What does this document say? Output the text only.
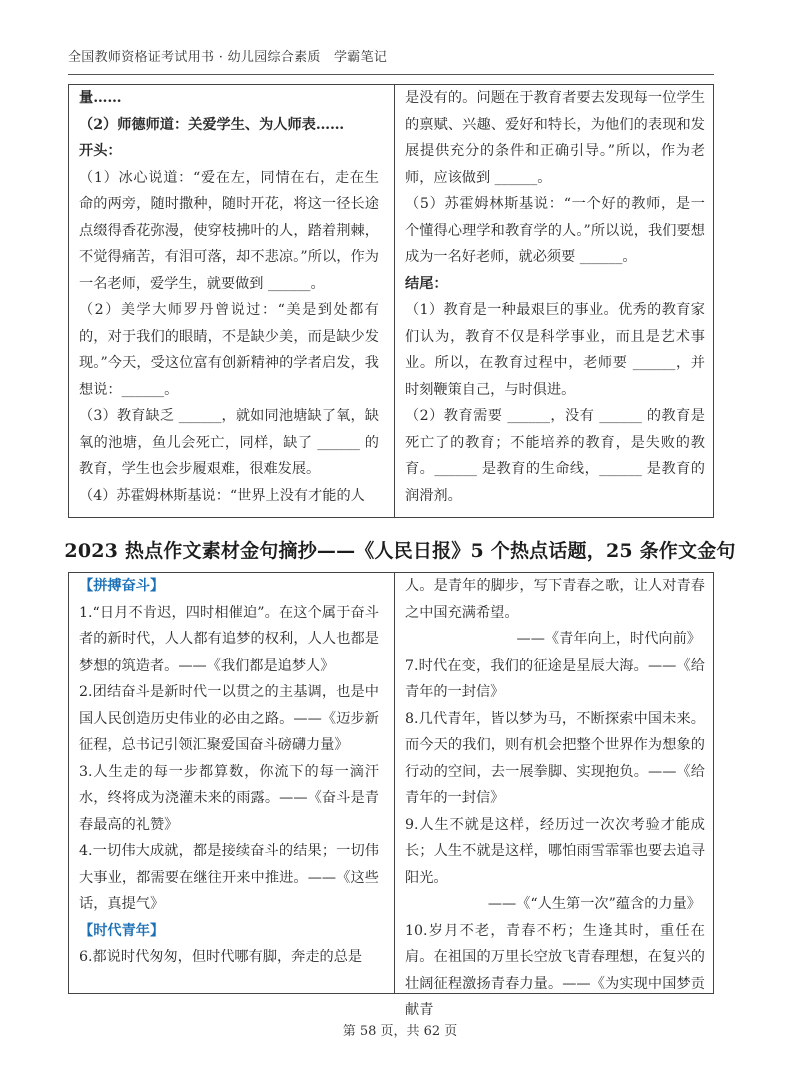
全国教师资格证考试用书 · 幼儿园综合素质　学霸笔记

量……

（2）师德师道：关爱学生、为人师表……

开头：

（1）冰心说道：“爱在左，同情在右，走在生命的两旁，随时撒种，随时开花，将这一径长途点缀得香花弥漫，使穿枝拂叶的人，踏着荆棘，不觉得痛苦，有泪可落，却不悲凉。”所以，作为一名老师，爱学生，就要做到 ______。

（2）美学大师罗丹曾说过：“美是到处都有的，对于我们的眼睛，不是缺少美，而是缺少发现。”今天，受这位富有创新精神的学者启发，我想说：______。

（3）教育缺乏 ______，就如同池塘缺了氧，缺氧的池塘，鱼儿会死亡，同样，缺了 ______ 的教育，学生也会步履艰难，很难发展。

（4）苏霍姆林斯基说：“世界上没有才能的人

是没有的。问题在于教育者要去发现每一位学生的禀赋、兴趣、爱好和特长，为他们的表现和发展提供充分的条件和正确引导。”所以，作为老师，应该做到 ______。

（5）苏霍姆林斯基说：“一个好的教师，是一个懂得心理学和教育学的人。”所以说，我们要想成为一名好老师，就必须要 ______。

结尾：

（1）教育是一种最艰巨的事业。优秀的教育家们认为，教育不仅是科学事业，而且是艺术事业。所以，在教育过程中，老师要 ______，并时刻鞭策自己，与时俱进。

（2）教育需要 ______，没有 ______ 的教育是死亡了的教育；不能培养的教育，是失败的教育。______ 是教育的生命线，______ 是教育的润滑剂。

2023 热点作文素材金句摘抄——《人民日报》5 个热点话题，25 条作文金句

【拼搏奋斗】

1.“日月不肯迟，四时相催迫”。在这个属于奋斗者的新时代，人人都有追梦的权利，人人也都是梦想的筑造者。——《我们都是追梦人》

2.团结奋斗是新时代一以贯之的主基调，也是中国人民创造历史伟业的必由之路。——《迈步新征程，总书记引领汇聚爱国奋斗磅礴力量》

3.人生走的每一步都算数，你流下的每一滴汗水，终将成为浇灌未来的雨露。——《奋斗是青春最高的礼赞》

4.一切伟大成就，都是接续奋斗的结果；一切伟大事业，都需要在继往开来中推进。——《这些话，真提气》

【时代青年】

6.都说时代匆匆，但时代哪有脚，奔走的总是

人。是青年的脚步，写下青春之歌，让人对青春之中国充满希望。

——《青年向上，时代向前》

7.时代在变，我们的征途是星辰大海。——《给青年的一封信》

8.几代青年，皆以梦为马，不断探索中国未来。而今天的我们，则有机会把整个世界作为想象的行动的空间，去一展拳脚、实现抱负。——《给青年的一封信》

9.人生不就是这样，经历过一次次考验才能成长；人生不就是这样，哪怕雨雪霏霏也要去追寻阳光。

——《“人生第一次”蕴含的力量》

10.岁月不老，青春不朽；生逢其时，重任在肩。在祖国的万里长空放飞青春理想，在复兴的壮阔征程激扬青春力量。——《为实现中国梦贡献青

第 58 页，共 62 页
